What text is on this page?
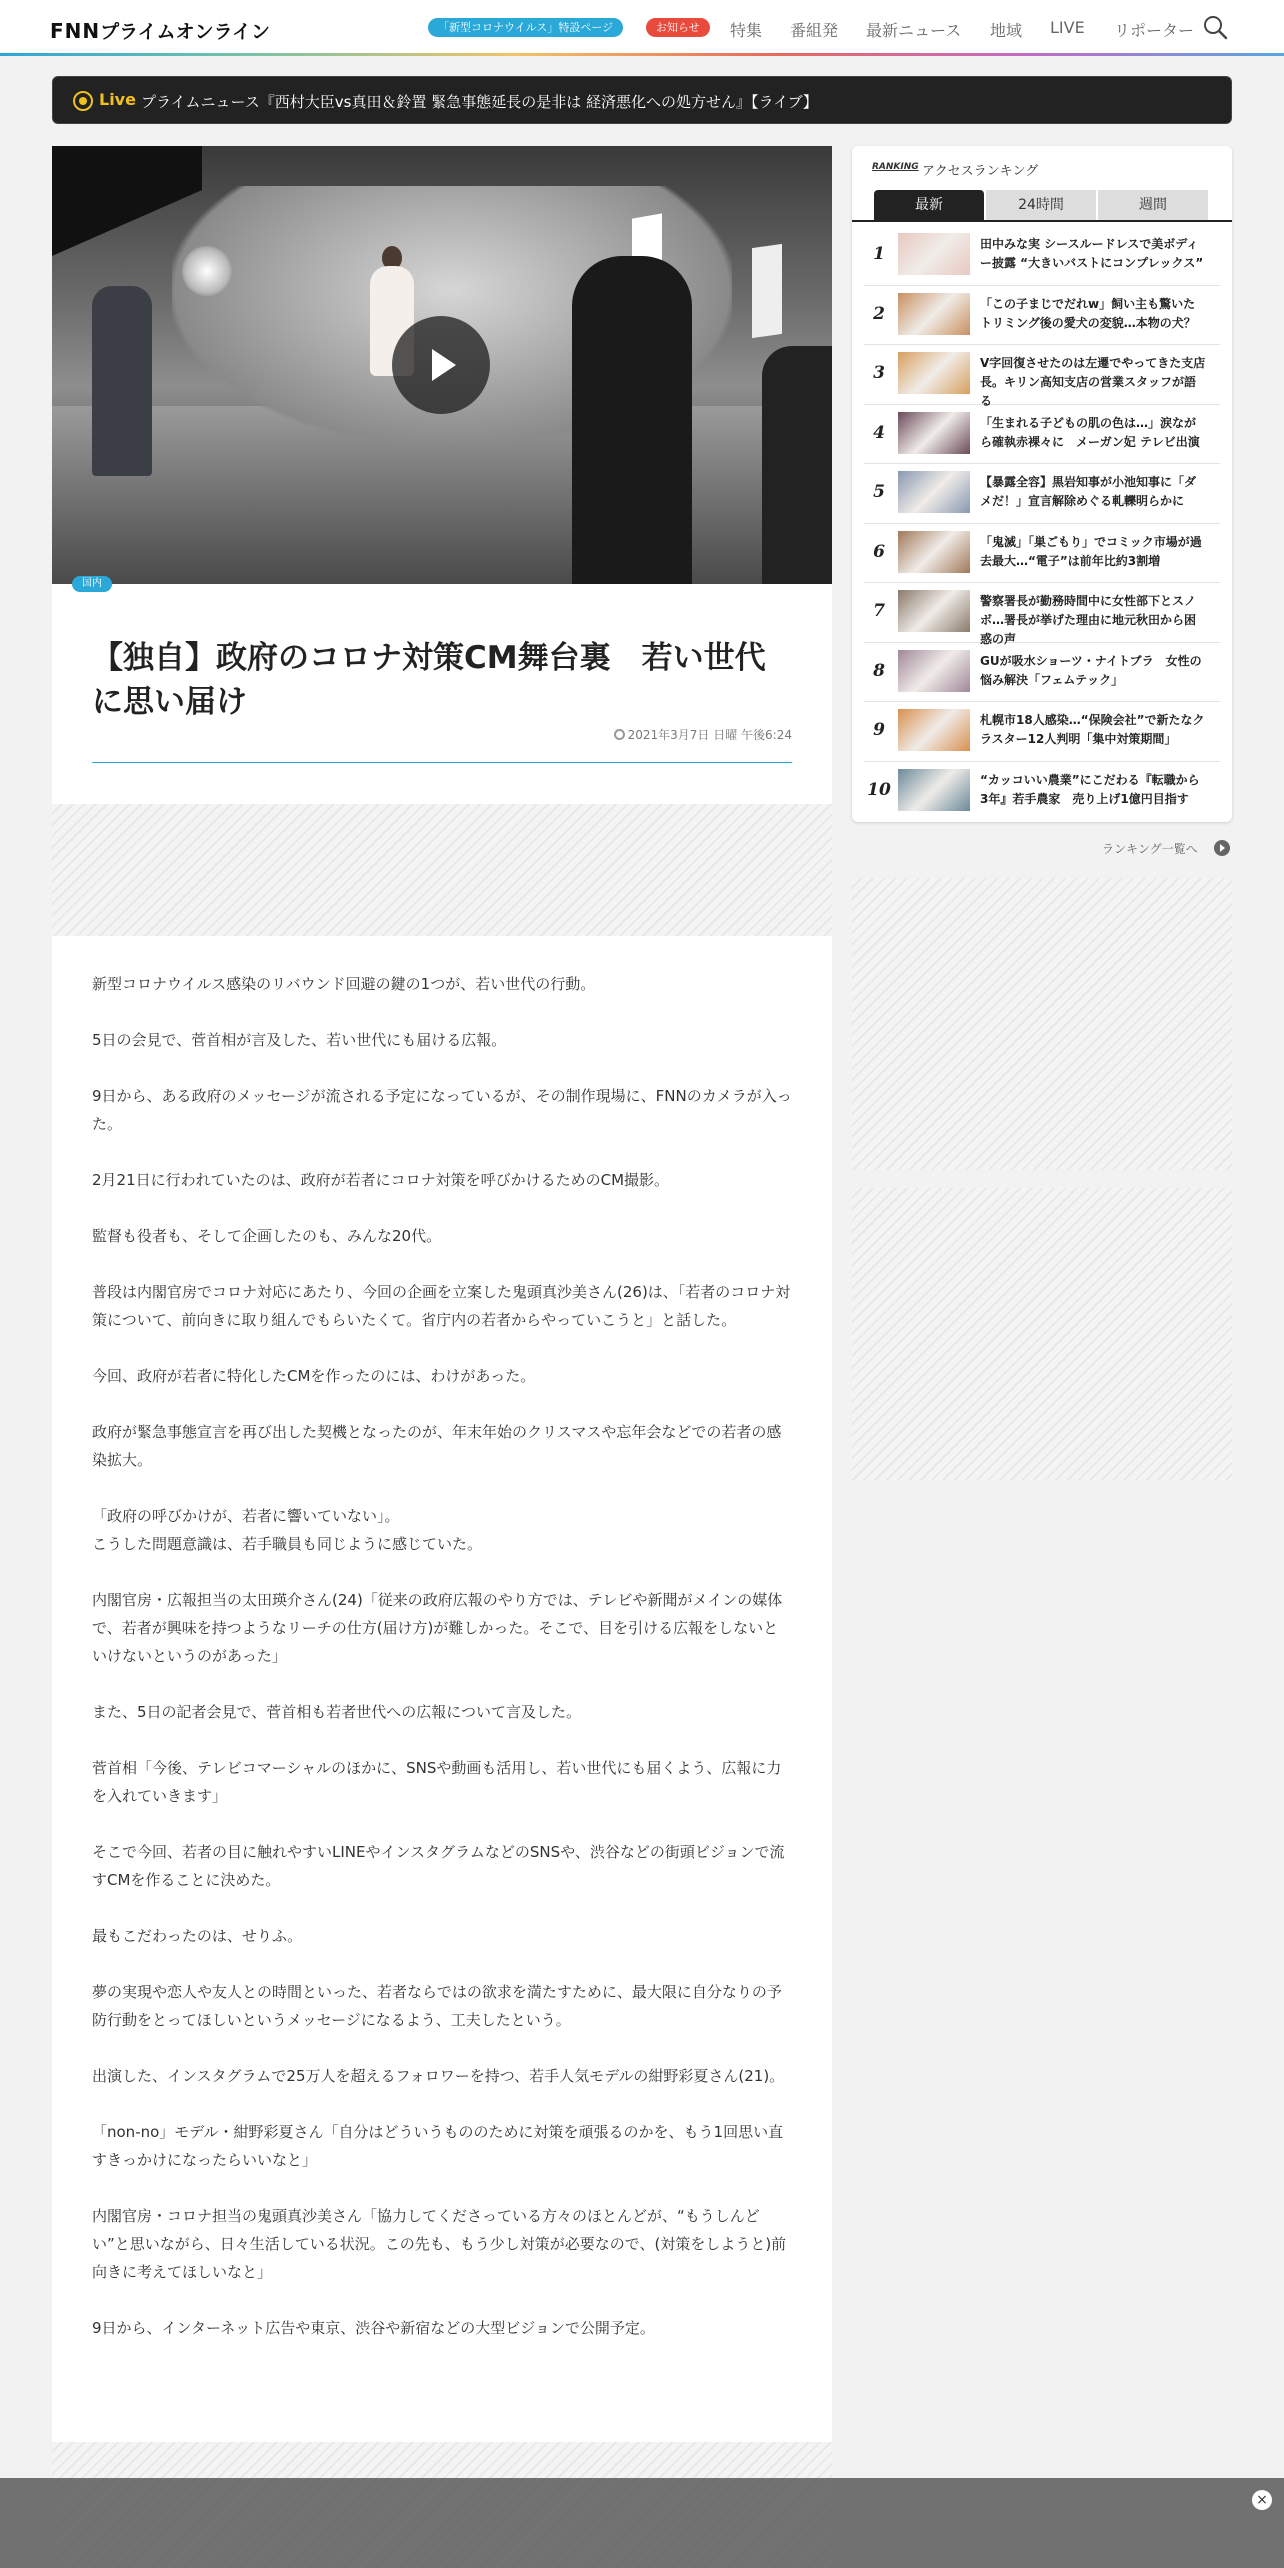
FNNプライムオンライン	「新型コロナウイルス」特設ページ	お知らせ	特集 番組発 最新ニュース 地域 LIVE リポーター
Live プライムニュース『西村大臣vs真田＆鈴置 緊急事態延長の是非は 経済悪化への処方せん』【ライブ】
国内
【独自】政府のコロナ対策CM舞台裏　若い世代に思い届け
2021年3月7日 日曜 午後6:24

新型コロナウイルス感染のリバウンド回避の鍵の1つが、若い世代の行動。

5日の会見で、菅首相が言及した、若い世代にも届ける広報。

9日から、ある政府のメッセージが流される予定になっているが、その制作現場に、FNNのカメラが入った。

2月21日に行われていたのは、政府が若者にコロナ対策を呼びかけるためのCM撮影。

監督も役者も、そして企画したのも、みんな20代。

普段は内閣官房でコロナ対応にあたり、今回の企画を立案した鬼頭真沙美さん(26)は、「若者のコロナ対策について、前向きに取り組んでもらいたくて。省庁内の若者からやっていこうと」と話した。

今回、政府が若者に特化したCMを作ったのには、わけがあった。

政府が緊急事態宣言を再び出した契機となったのが、年末年始のクリスマスや忘年会などでの若者の感染拡大。

「政府の呼びかけが、若者に響いていない」。
こうした問題意識は、若手職員も同じように感じていた。

内閣官房・広報担当の太田瑛介さん(24)「従来の政府広報のやり方では、テレビや新聞がメインの媒体で、若者が興味を持つようなリーチの仕方(届け方)が難しかった。そこで、目を引ける広報をしないといけないというのがあった」

また、5日の記者会見で、菅首相も若者世代への広報について言及した。

菅首相「今後、テレビコマーシャルのほかに、SNSや動画も活用し、若い世代にも届くよう、広報に力を入れていきます」

そこで今回、若者の目に触れやすいLINEやインスタグラムなどのSNSや、渋谷などの街頭ビジョンで流すCMを作ることに決めた。

最もこだわったのは、せりふ。

夢の実現や恋人や友人との時間といった、若者ならではの欲求を満たすために、最大限に自分なりの予防行動をとってほしいというメッセージになるよう、工夫したという。

出演した、インスタグラムで25万人を超えるフォロワーを持つ、若手人気モデルの紺野彩夏さん(21)。

「non-no」モデル・紺野彩夏さん「自分はどういうもののために対策を頑張るのかを、もう1回思い直すきっかけになったらいいなと」

内閣官房・コロナ担当の鬼頭真沙美さん「協力してくださっている方々のほとんどが、“もうしんどい”と思いながら、日々生活している状況。この先も、もう少し対策が必要なので、(対策をしようと)前向きに考えてほしいなと」

9日から、インターネット広告や東京、渋谷や新宿などの大型ビジョンで公開予定。

RANKING アクセスランキング
最新	24時間	週間
1	田中みな実 シースルードレスで美ボディー披露 “大きいバストにコンプレックス”
2	「この子まじでだれw」飼い主も驚いたトリミング後の愛犬の変貌…本物の犬？
3	V字回復させたのは左遷でやってきた支店長。キリン高知支店の営業スタッフが語る
4	「生まれる子どもの肌の色は…」涙ながら確執赤裸々に　メーガン妃 テレビ出演
5	【暴露全容】黒岩知事が小池知事に「ダメだ！」宣言解除めぐる軋轢明らかに
6	「鬼滅」「巣ごもり」でコミック市場が過去最大…“電子”は前年比約3割増
7	警察署長が勤務時間中に女性部下とスノボ…署長が挙げた理由に地元秋田から困惑の声
8	GUが吸水ショーツ・ナイトブラ　女性の悩み解決「フェムテック」
9	札幌市18人感染…“保険会社”で新たなクラスター12人判明「集中対策期間」
10	“カッコいい農業”にこだわる『転職から3年』若手農家　売り上げ1億円目指す
ランキング一覧へ
×
